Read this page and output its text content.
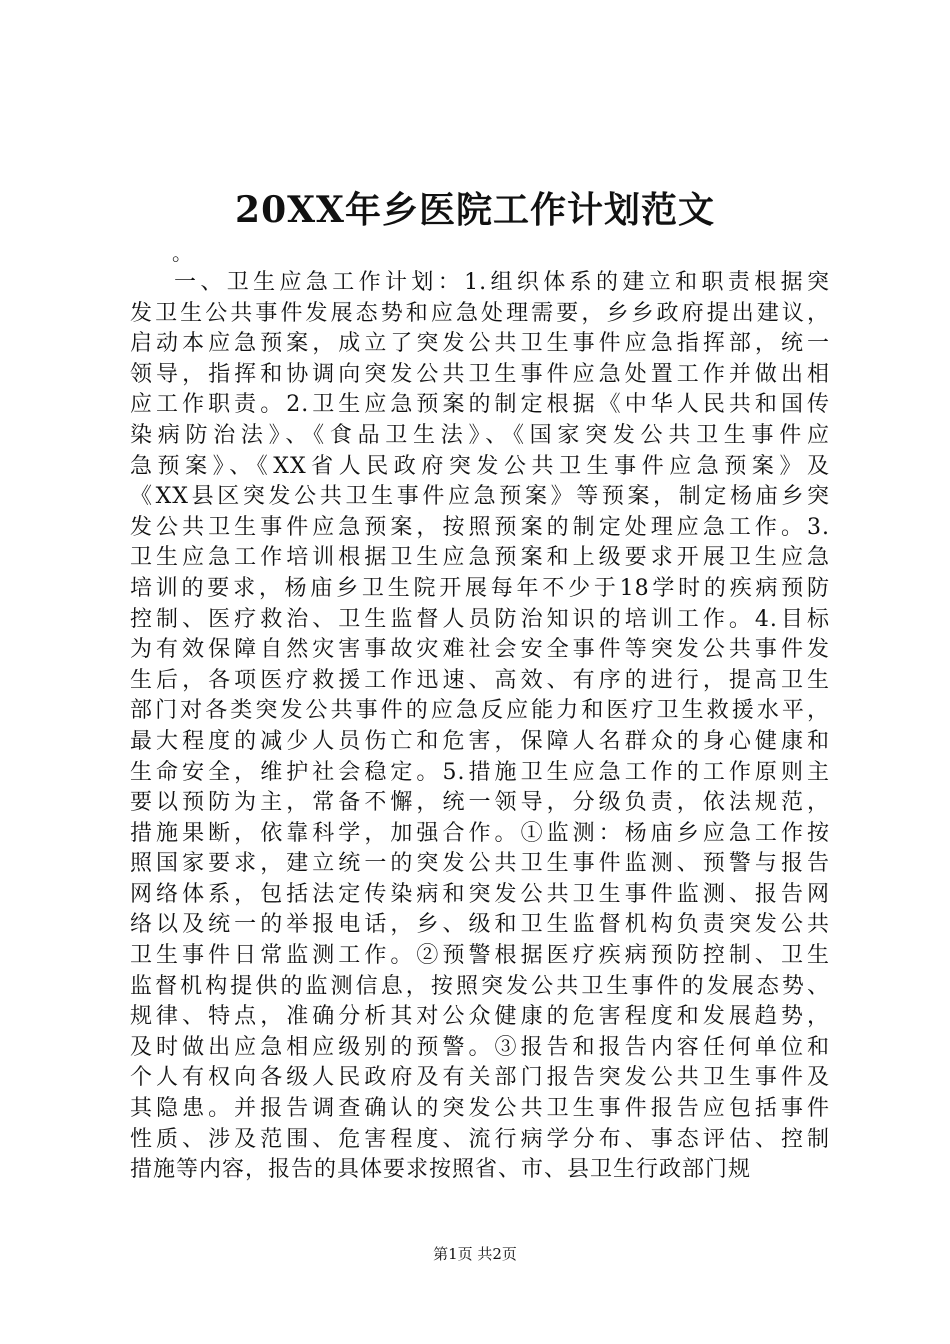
20XX年乡医院工作计划范文
。
一、卫生应急工作计划：1.组织体系的建立和职责根据突
发卫生公共事件发展态势和应急处理需要，乡乡政府提出建议，
启动本应急预案，成立了突发公共卫生事件应急指挥部，统一
领导，指挥和协调向突发公共卫生事件应急处置工作并做出相
应工作职责。2.卫生应急预案的制定根据《中华人民共和国传
染病防治法》、《食品卫生法》、《国家突发公共卫生事件应
急预案》、《XX省人民政府突发公共卫生事件应急预案》及
《XX县区突发公共卫生事件应急预案》等预案，制定杨庙乡突
发公共卫生事件应急预案，按照预案的制定处理应急工作。3.
卫生应急工作培训根据卫生应急预案和上级要求开展卫生应急
培训的要求，杨庙乡卫生院开展每年不少于18学时的疾病预防
控制、医疗救治、卫生监督人员防治知识的培训工作。4.目标
为有效保障自然灾害事故灾难社会安全事件等突发公共事件发
生后，各项医疗救援工作迅速、高效、有序的进行，提高卫生
部门对各类突发公共事件的应急反应能力和医疗卫生救援水平，
最大程度的减少人员伤亡和危害，保障人名群众的身心健康和
生命安全，维护社会稳定。5.措施卫生应急工作的工作原则主
要以预防为主，常备不懈，统一领导，分级负责，依法规范，
措施果断，依靠科学，加强合作。①监测：杨庙乡应急工作按
照国家要求，建立统一的突发公共卫生事件监测、预警与报告
网络体系，包括法定传染病和突发公共卫生事件监测、报告网
络以及统一的举报电话，乡、级和卫生监督机构负责突发公共
卫生事件日常监测工作。②预警根据医疗疾病预防控制、卫生
监督机构提供的监测信息，按照突发公共卫生事件的发展态势、
规律、特点，准确分析其对公众健康的危害程度和发展趋势，
及时做出应急相应级别的预警。③报告和报告内容任何单位和
个人有权向各级人民政府及有关部门报告突发公共卫生事件及
其隐患。并报告调查确认的突发公共卫生事件报告应包括事件
性质、涉及范围、危害程度、流行病学分布、事态评估、控制
措施等内容，报告的具体要求按照省、市、县卫生行政部门规
第1页 共2页
